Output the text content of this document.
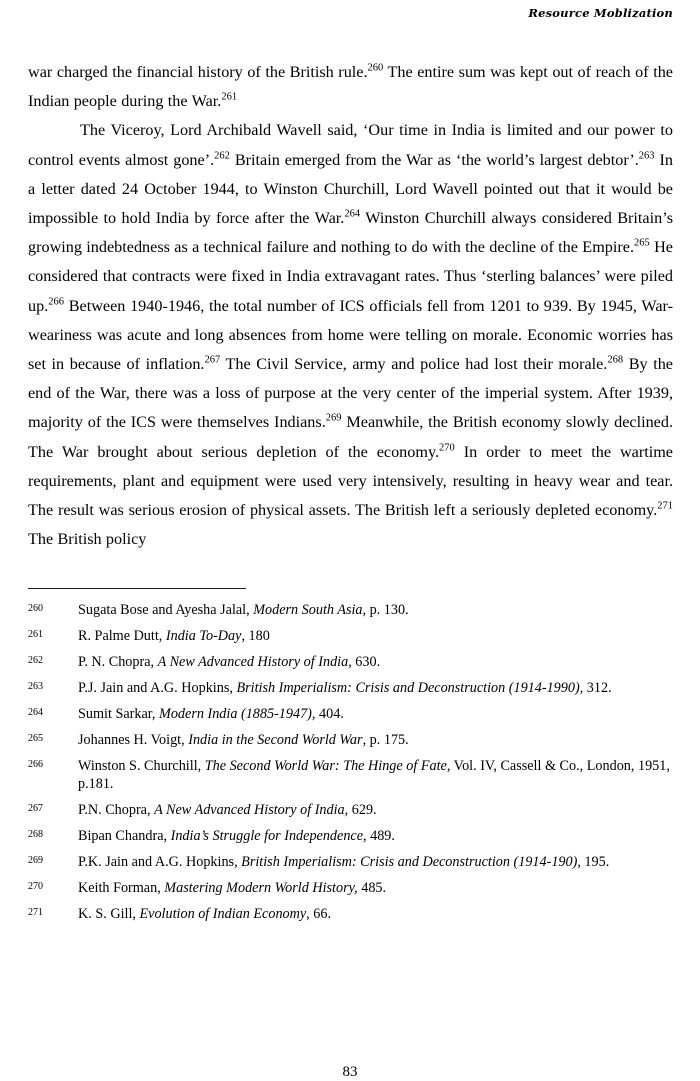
Resource Moblization

war charged the financial history of the British rule.$^{260}$ The entire sum was kept out of reach of the Indian people during the War.$^{261}$

The Viceroy, Lord Archibald Wavell said, ‘Our time in India is limited and our power to control events almost gone’.$^{262}$ Britain emerged from the War as ‘the world’s largest debtor’.$^{263}$ In a letter dated 24 October 1944, to Winston Churchill, Lord Wavell pointed out that it would be impossible to hold India by force after the War.$^{264}$ Winston Churchill always considered Britain’s growing indebtedness as a technical failure and nothing to do with the decline of the Empire.$^{265}$ He considered that contracts were fixed in India extravagant rates. Thus ‘sterling balances’ were piled up.$^{266}$ Between 1940-1946, the total number of ICS officials fell from 1201 to 939. By 1945, War- weariness was acute and long absences from home were telling on morale. Economic worries has set in because of inflation.$^{267}$ The Civil Service, army and police had lost their morale.$^{268}$ By the end of the War, there was a loss of purpose at the very center of the imperial system. After 1939, majority of the ICS were themselves Indians.$^{269}$ Meanwhile, the British economy slowly declined. The War brought about serious depletion of the economy.$^{270}$ In order to meet the wartime requirements, plant and equipment were used very intensively, resulting in heavy wear and tear. The result was serious erosion of physical assets. The British left a seriously depleted economy.$^{271}$ The British policy

260 Sugata Bose and Ayesha Jalal, Modern South Asia, p. 130.
261 R. Palme Dutt, India To-Day, 180
262 P. N. Chopra, A New Advanced History of India, 630.
263 P.J. Jain and A.G. Hopkins, British Imperialism: Crisis and Deconstruction (1914-1990), 312.
264 Sumit Sarkar, Modern India (1885-1947), 404.
265 Johannes H. Voigt, India in the Second World War, p. 175.
266 Winston S. Churchill, The Second World War: The Hinge of Fate, Vol. IV, Cassell & Co., London, 1951, p.181.
267 P.N. Chopra, A New Advanced History of India, 629.
268 Bipan Chandra, India’s Struggle for Independence, 489.
269 P.K. Jain and A.G. Hopkins, British Imperialism: Crisis and Deconstruction (1914-190), 195.
270 Keith Forman, Mastering Modern World History, 485.
271 K. S. Gill, Evolution of Indian Economy, 66.
83
